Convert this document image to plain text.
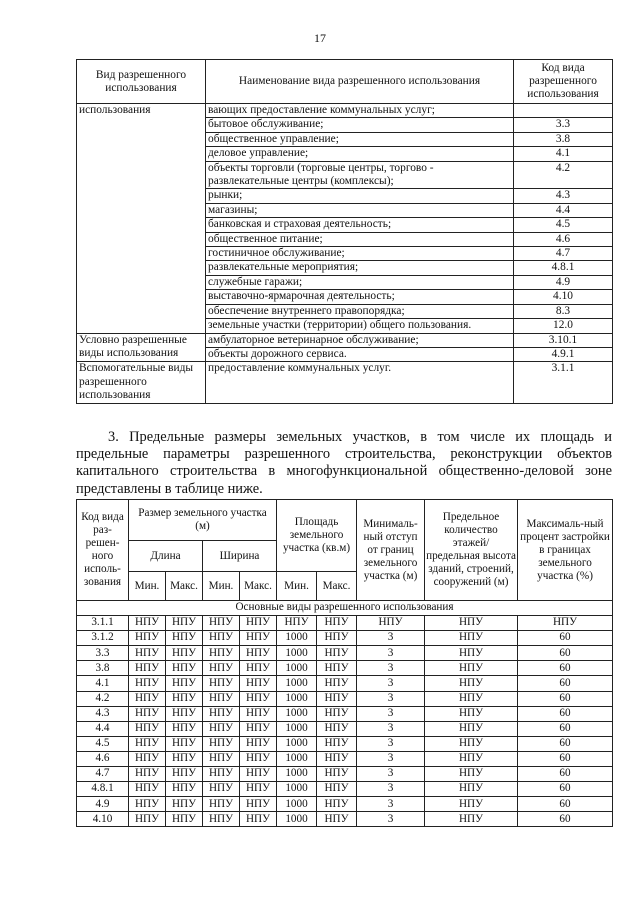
17
Вид разрешенного использования	Наименование вида разрешенного использования	Код вида разрешенного использования
использования	вающих предоставление коммунальных услуг;	
	бытовое обслуживание;	3.3
	общественное управление;	3.8
	деловое управление;	4.1
	объекты торговли (торговые центры, торгово - развлекательные центры (комплексы);	4.2
	рынки;	4.3
	магазины;	4.4
	банковская и страховая деятельность;	4.5
	общественное питание;	4.6
	гостиничное обслуживание;	4.7
	развлекательные мероприятия;	4.8.1
	служебные гаражи;	4.9
	выставочно-ярмарочная деятельность;	4.10
	обеспечение внутреннего правопорядка;	8.3
	земельные участки (территории) общего пользования.	12.0
Условно разрешенные виды использования	амбулаторное ветеринарное обслуживание;	3.10.1
	объекты дорожного сервиса.	4.9.1
Вспомогательные виды разрешенного использования	предоставление коммунальных услуг.	3.1.1
3. Предельные размеры земельных участков, в том числе их площадь и предельные параметры разрешенного строительства, реконструкции объектов капитального строительства в многофункциональной общественно-деловой зоне представлены в таблице ниже.
Код вида раз-решен-ного исполь-зования	Размер земельного участка (м)				Площадь земельного участка (кв.м)		Минималь-ный отступ от границ земельного участка (м)	Предельное количество этажей/ предельная высота зданий, строений, сооружений (м)	Максималь-ный процент застройки в границах земельного участка (%)
	Длина		Ширина						
	Мин.	Макс.	Мин.	Макс.	Мин.	Макс.			
Основные виды разрешенного использования									
3.1.1	НПУ	НПУ	НПУ	НПУ	НПУ	НПУ	НПУ	НПУ	НПУ
3.1.2	НПУ	НПУ	НПУ	НПУ	1000	НПУ	3	НПУ	60
3.3	НПУ	НПУ	НПУ	НПУ	1000	НПУ	3	НПУ	60
3.8	НПУ	НПУ	НПУ	НПУ	1000	НПУ	3	НПУ	60
4.1	НПУ	НПУ	НПУ	НПУ	1000	НПУ	3	НПУ	60
4.2	НПУ	НПУ	НПУ	НПУ	1000	НПУ	3	НПУ	60
4.3	НПУ	НПУ	НПУ	НПУ	1000	НПУ	3	НПУ	60
4.4	НПУ	НПУ	НПУ	НПУ	1000	НПУ	3	НПУ	60
4.5	НПУ	НПУ	НПУ	НПУ	1000	НПУ	3	НПУ	60
4.6	НПУ	НПУ	НПУ	НПУ	1000	НПУ	3	НПУ	60
4.7	НПУ	НПУ	НПУ	НПУ	1000	НПУ	3	НПУ	60
4.8.1	НПУ	НПУ	НПУ	НПУ	1000	НПУ	3	НПУ	60
4.9	НПУ	НПУ	НПУ	НПУ	1000	НПУ	3	НПУ	60
4.10	НПУ	НПУ	НПУ	НПУ	1000	НПУ	3	НПУ	60
